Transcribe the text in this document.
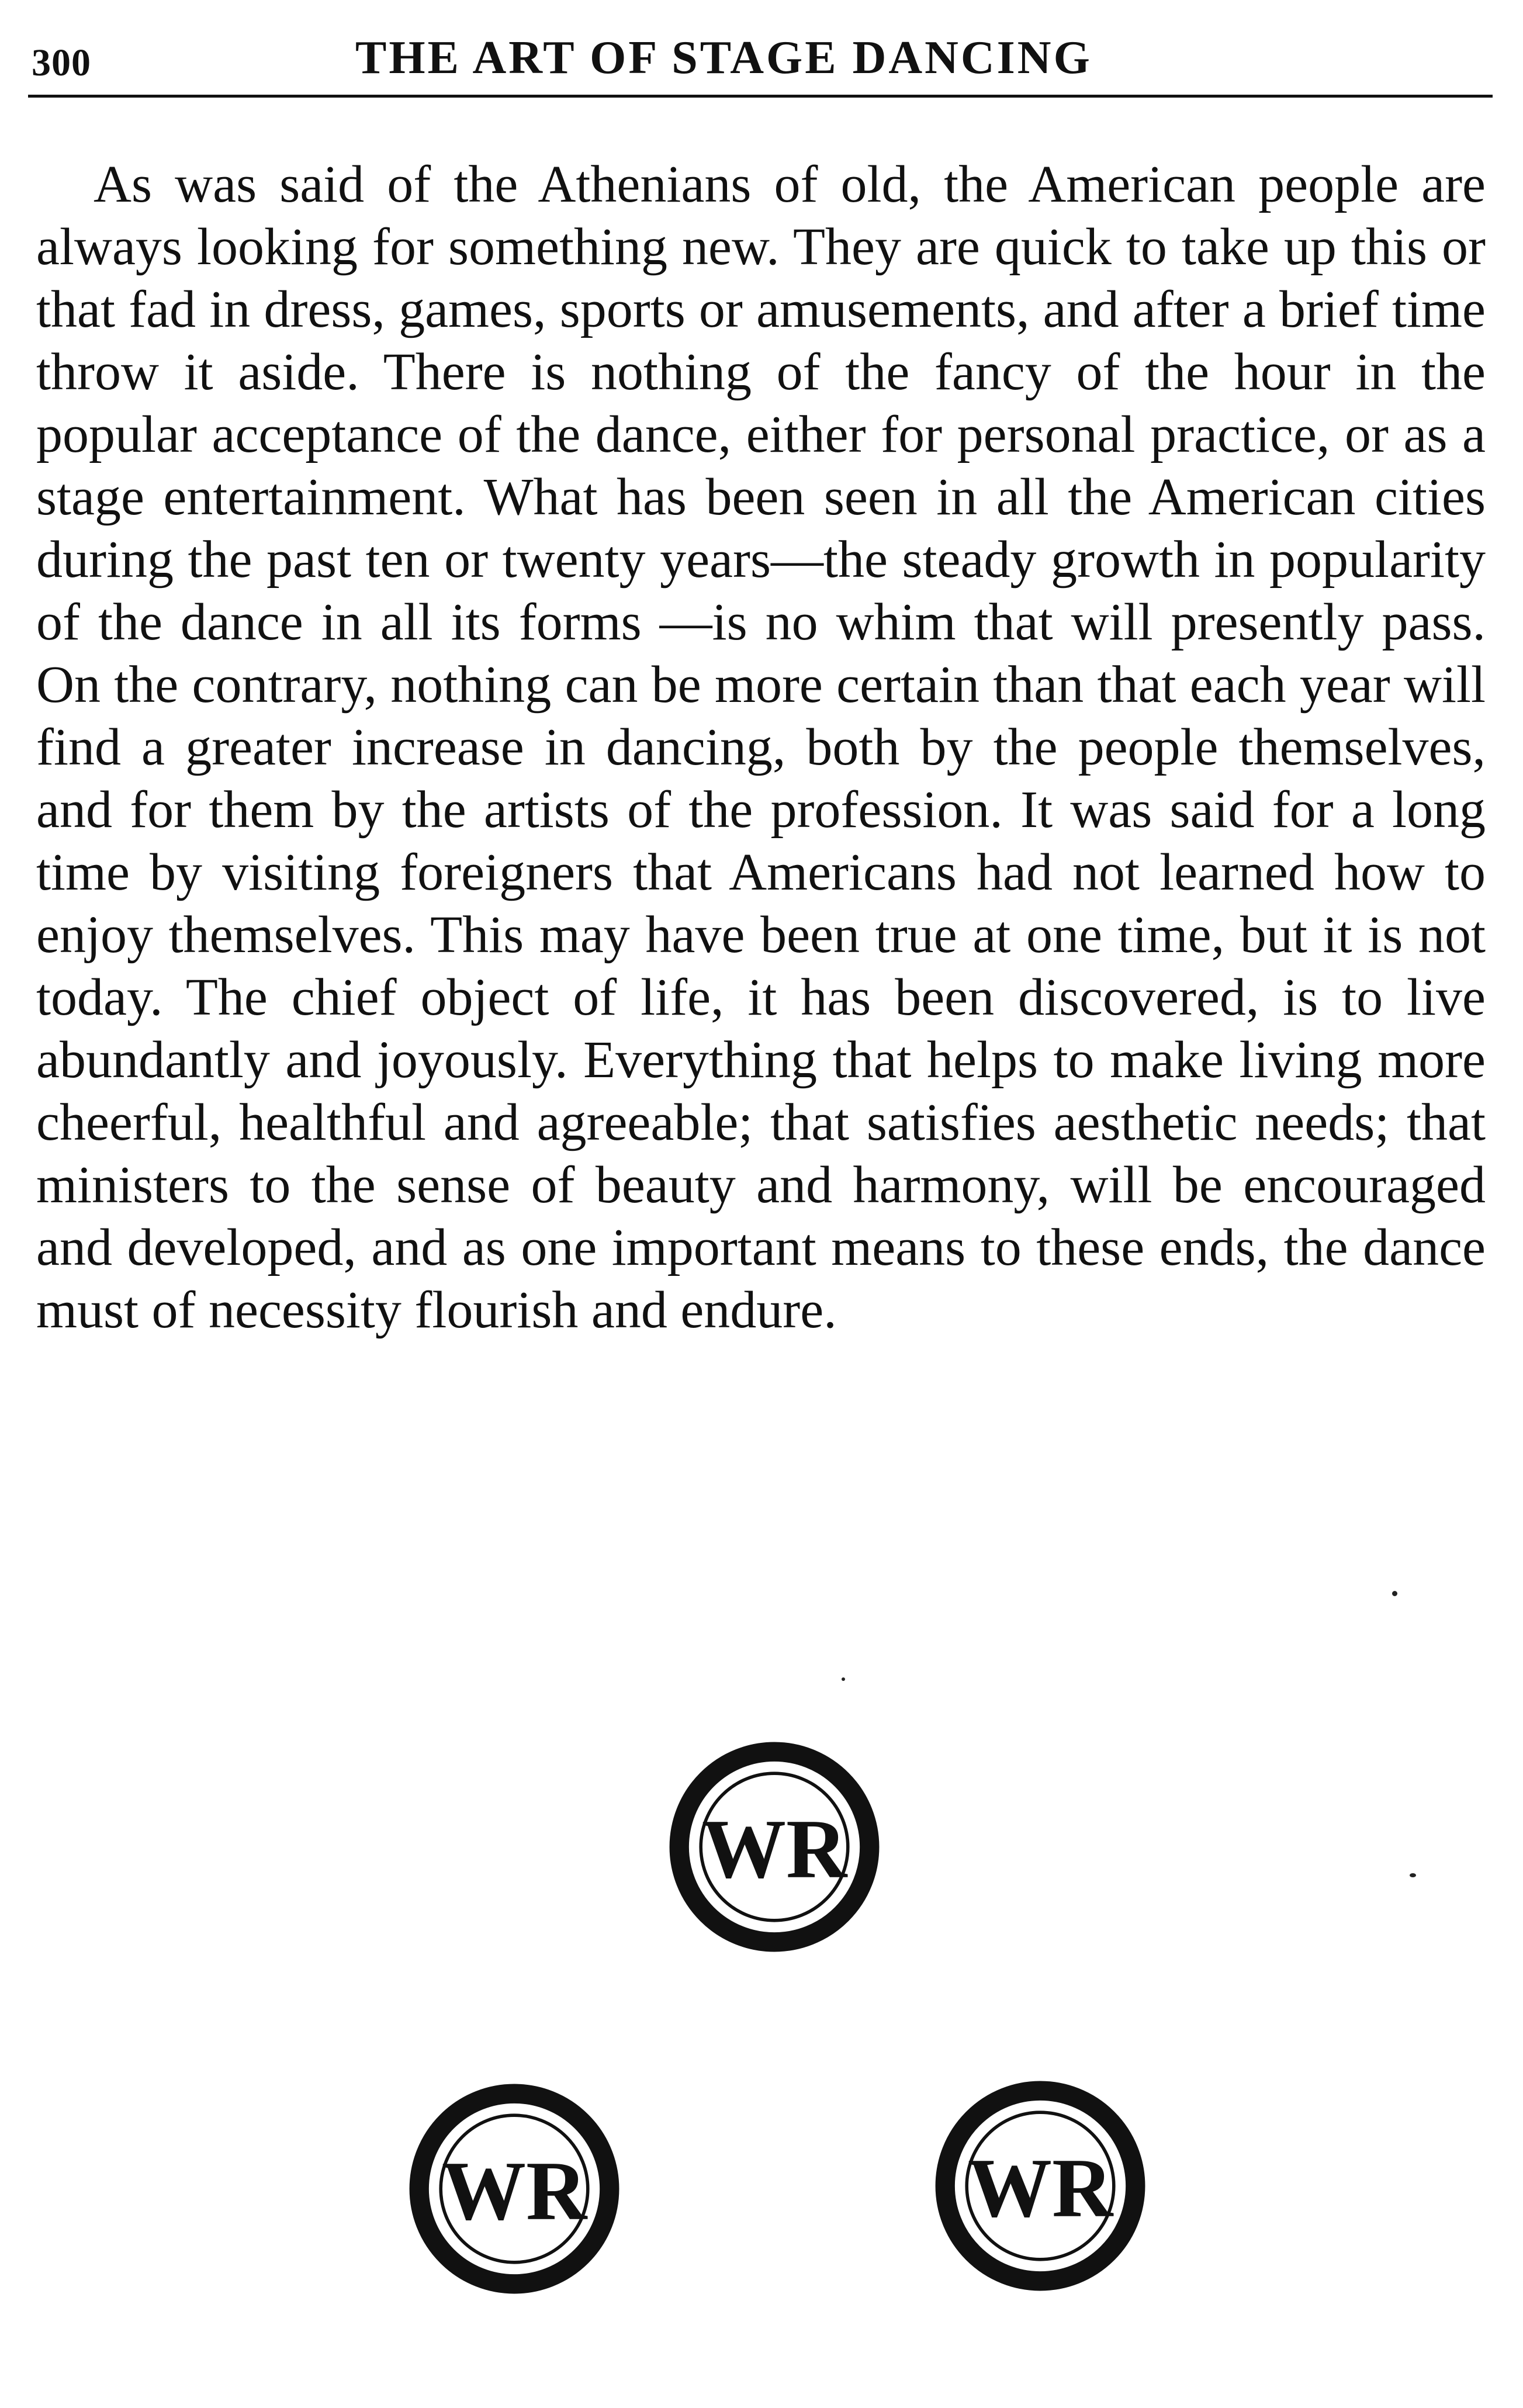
300	THE ART OF STAGE DANCING

As was said of the Athenians of old, the American people are always looking for something new. They are quick to take up this or that fad in dress, games, sports or amusements, and after a brief time throw it aside. There is nothing of the fancy of the hour in the popular acceptance of the dance, either for personal practice, or as a stage entertainment. What has been seen in all the American cities during the past ten or twenty years—the steady growth in popularity of the dance in all its forms —is no whim that will presently pass. On the contrary, nothing can be more certain than that each year will find a greater increase in dancing, both by the people themselves, and for them by the artists of the profession. It was said for a long time by visiting foreigners that Americans had not learned how to enjoy themselves. This may have been true at one time, but it is not today. The chief object of life, it has been discovered, is to live abundantly and joyously. Everything that helps to make living more cheerful, healthful and agreeable; that satisfies aesthetic needs; that ministers to the sense of beauty and harmony, will be encouraged and developed, and as one important means to these ends, the dance must of necessity flourish and endure.

WR
WR	WR
